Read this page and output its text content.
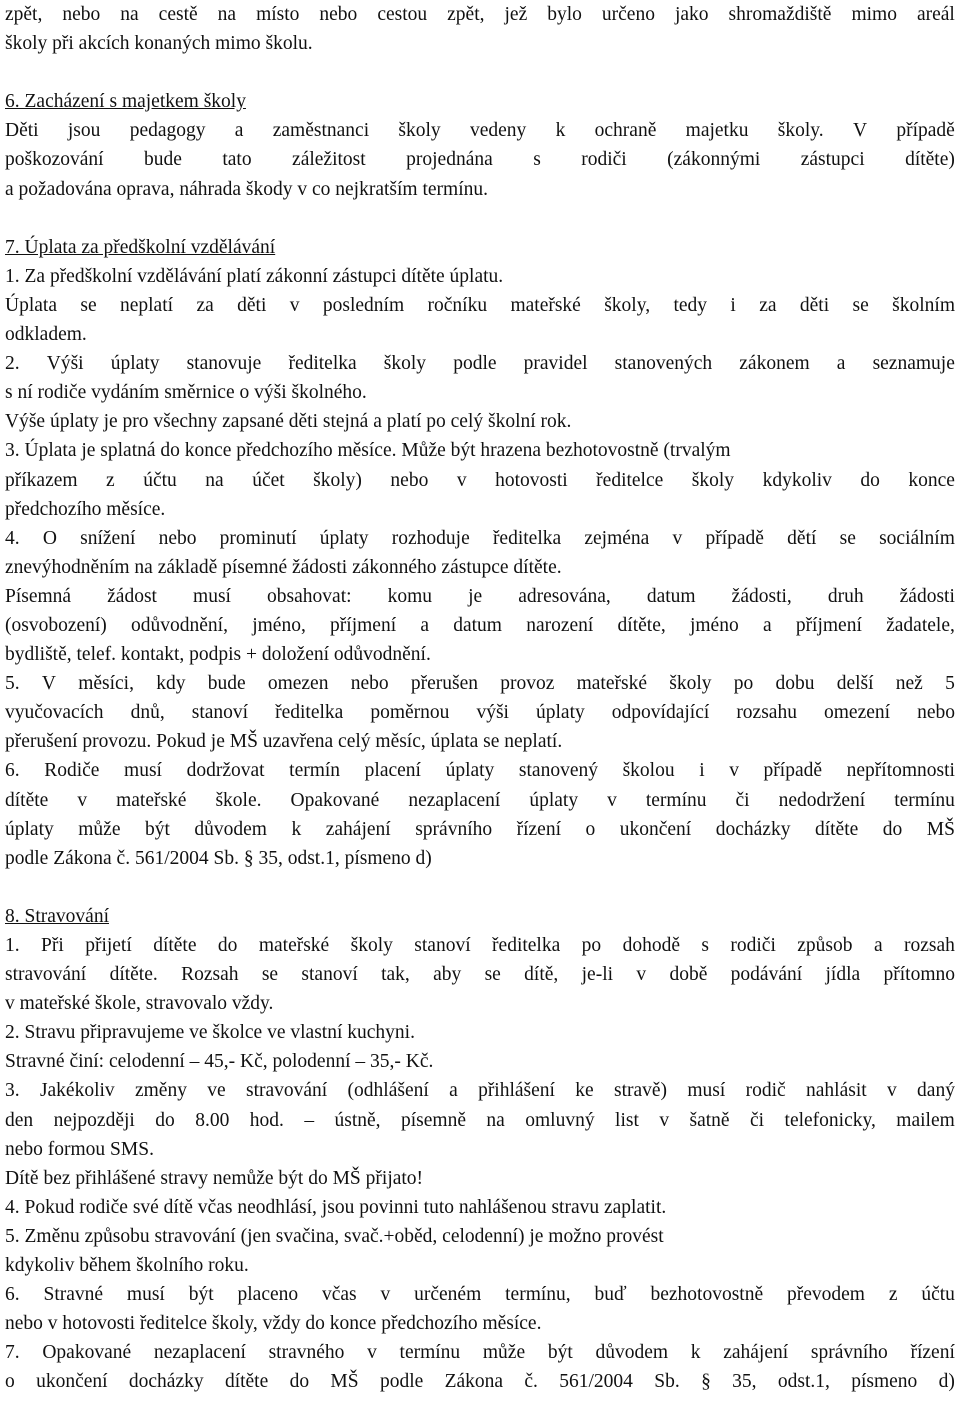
zpět, nebo na cestě na místo nebo cestou zpět, jež bylo určeno jako shromaždiště mimo areál
školy při akcích konaných mimo školu.
6. Zacházení s majetkem školy
Děti jsou pedagogy a zaměstnanci školy vedeny k ochraně majetku školy. V případě
poškozování bude tato záležitost projednána s rodiči (zákonnými zástupci dítěte)
a požadována oprava, náhrada škody v co nejkratším termínu.
7. Úplata za předškolní vzdělávání
1. Za předškolní vzdělávání platí zákonní zástupci dítěte úplatu.
Úplata se neplatí za děti v posledním ročníku mateřské školy, tedy i za děti se školním
odkladem.
2. Výši úplaty stanovuje ředitelka školy podle pravidel stanovených zákonem a seznamuje
s ní rodiče vydáním směrnice o výši školného.
Výše úplaty je pro všechny zapsané děti stejná a platí po celý školní rok.
3. Úplata je splatná do konce předchozího měsíce. Může být hrazena bezhotovostně (trvalým
příkazem z účtu na účet školy) nebo v hotovosti ředitelce školy kdykoliv do konce
předchozího měsíce.
4. O snížení nebo prominutí úplaty rozhoduje ředitelka zejména v případě dětí se sociálním
znevýhodněním na základě písemné žádosti zákonného zástupce dítěte.
Písemná žádost musí obsahovat: komu je adresována, datum žádosti, druh žádosti
(osvobození) odůvodnění, jméno, příjmení a datum narození dítěte, jméno a příjmení žadatele,
bydliště, telef. kontakt, podpis + doložení odůvodnění.
5. V měsíci, kdy bude omezen nebo přerušen provoz mateřské školy po dobu delší než 5
vyučovacích dnů, stanoví ředitelka poměrnou výši úplaty odpovídající rozsahu omezení nebo
přerušení provozu. Pokud je MŠ uzavřena celý měsíc, úplata se neplatí.
6. Rodiče musí dodržovat termín placení úplaty stanovený školou i v případě nepřítomnosti
dítěte v mateřské škole. Opakované nezaplacení úplaty v termínu či nedodržení termínu
úplaty může být důvodem k zahájení správního řízení o ukončení docházky dítěte do MŠ
podle Zákona č. 561/2004 Sb. § 35, odst.1, písmeno d)
8. Stravování
1. Při přijetí dítěte do mateřské školy stanoví ředitelka po dohodě s rodiči způsob a rozsah
stravování dítěte. Rozsah se stanoví tak, aby se dítě, je-li v době podávání jídla přítomno
v mateřské škole, stravovalo vždy.
2. Stravu připravujeme ve školce ve vlastní kuchyni.
Stravné činí: celodenní – 45,- Kč, polodenní – 35,- Kč.
3. Jakékoliv změny ve stravování (odhlášení a přihlášení ke stravě) musí rodič nahlásit v daný
den nejpozději do 8.00 hod. – ústně, písemně na omluvný list v šatně či telefonicky, mailem
nebo formou SMS.
Dítě bez přihlášené stravy nemůže být do MŠ přijato!
4. Pokud rodiče své dítě včas neodhlásí, jsou povinni tuto nahlášenou stravu zaplatit.
5. Změnu způsobu stravování (jen svačina, svač.+oběd, celodenní) je možno provést
kdykoliv během školního roku.
6. Stravné musí být placeno včas v určeném termínu, buď bezhotovostně převodem z účtu
nebo v hotovosti ředitelce školy, vždy do konce předchozího měsíce.
7. Opakované nezaplacení stravného v termínu může být důvodem k zahájení správního řízení
o ukončení docházky dítěte do MŠ podle Zákona č. 561/2004 Sb. § 35, odst.1, písmeno d)
